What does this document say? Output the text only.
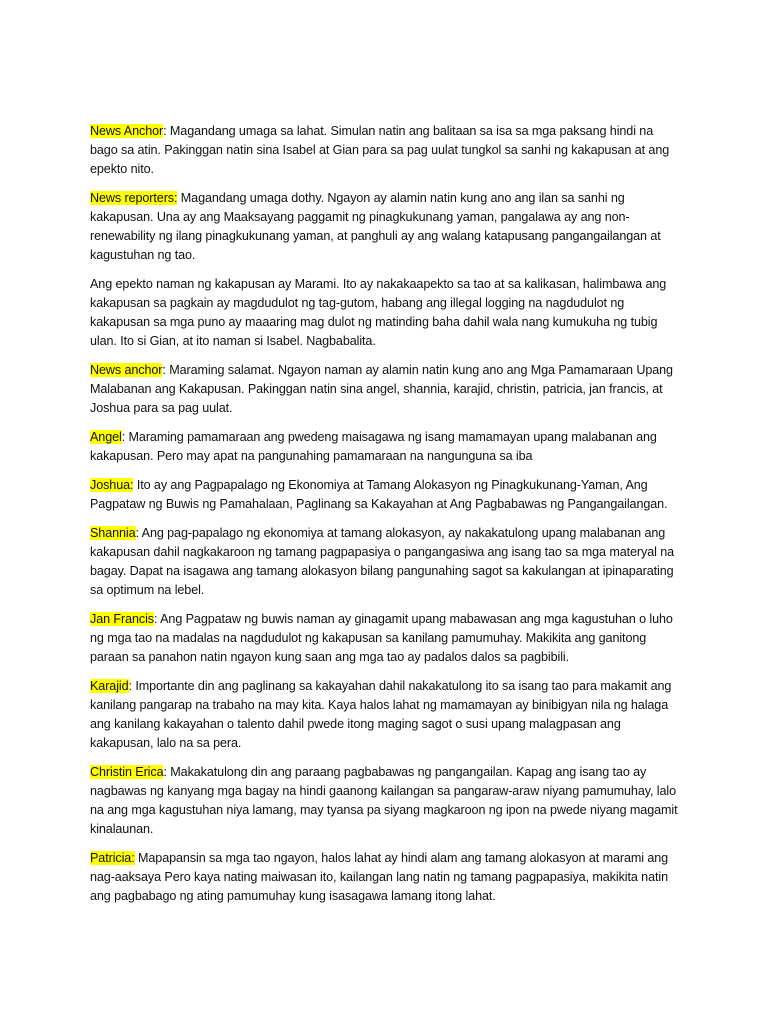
News Anchor: Magandang umaga sa lahat. Simulan natin ang balitaan sa isa sa mga paksang hindi na bago sa atin. Pakinggan natin sina Isabel at Gian para sa pag uulat tungkol sa sanhi ng kakapusan at ang epekto nito.

News reporters: Magandang umaga dothy. Ngayon ay alamin natin kung ano ang ilan sa sanhi ng kakapusan. Una ay ang Maaksayang paggamit ng pinagkukunang yaman, pangalawa ay ang non-renewability ng ilang pinagkukunang yaman, at panghuli ay ang walang katapusang pangangailangan at kagustuhan ng tao.

Ang epekto naman ng kakapusan ay Marami. Ito ay nakakaapekto sa tao at sa kalikasan, halimbawa ang kakapusan sa pagkain ay magdudulot ng tag-gutom, habang ang illegal logging na nagdudulot ng kakapusan sa mga puno ay maaaring mag dulot ng matinding baha dahil wala nang kumukuha ng tubig ulan. Ito si Gian, at ito naman si Isabel. Nagbabalita.

News anchor: Maraming salamat. Ngayon naman ay alamin natin kung ano ang Mga Pamamaraan Upang Malabanan ang Kakapusan. Pakinggan natin sina angel, shannia, karajid, christin, patricia, jan francis, at Joshua para sa pag uulat.

Angel: Maraming pamamaraan ang pwedeng maisagawa ng isang mamamayan upang malabanan ang kakapusan. Pero may apat na pangunahing pamamaraan na nangunguna sa iba

Joshua: Ito ay ang Pagpapalago ng Ekonomiya at Tamang Alokasyon ng Pinagkukunang-Yaman, Ang Pagpataw ng Buwis ng Pamahalaan, Paglinang sa Kakayahan at Ang Pagbabawas ng Pangangailangan.

Shannia: Ang pag-papalago ng ekonomiya at tamang alokasyon, ay nakakatulong upang malabanan ang kakapusan dahil nagkakaroon ng tamang pagpapasiya o pangangasiwa ang isang tao sa mga materyal na bagay. Dapat na isagawa ang tamang alokasyon bilang pangunahing sagot sa kakulangan at ipinaparating sa optimum na lebel.

Jan Francis: Ang Pagpataw ng buwis naman ay ginagamit upang mabawasan ang mga kagustuhan o luho ng mga tao na madalas na nagdudulot ng kakapusan sa kanilang pamumuhay. Makikita ang ganitong paraan sa panahon natin ngayon kung saan ang mga tao ay padalos dalos sa pagbibili.

Karajid: Importante din ang paglinang sa kakayahan dahil nakakatulong ito sa isang tao para makamit ang kanilang pangarap na trabaho na may kita. Kaya halos lahat ng mamamayan ay binibigyan nila ng halaga ang kanilang kakayahan o talento dahil pwede itong maging sagot o susi upang malagpasan ang kakapusan, lalo na sa pera.

Christin Erica: Makakatulong din ang paraang pagbabawas ng pangangailan. Kapag ang isang tao ay nagbawas ng kanyang mga bagay na hindi gaanong kailangan sa pangaraw-araw niyang pamumuhay, lalo na ang mga kagustuhan niya lamang, may tyansa pa siyang magkaroon ng ipon na pwede niyang magamit kinalaunan.

Patricia: Mapapansin sa mga tao ngayon, halos lahat ay hindi alam ang tamang alokasyon at marami ang nag-aaksaya Pero kaya nating maiwasan ito, kailangan lang natin ng tamang pagpapasiya, makikita natin ang pagbabago ng ating pamumuhay kung isasagawa lamang itong lahat.
